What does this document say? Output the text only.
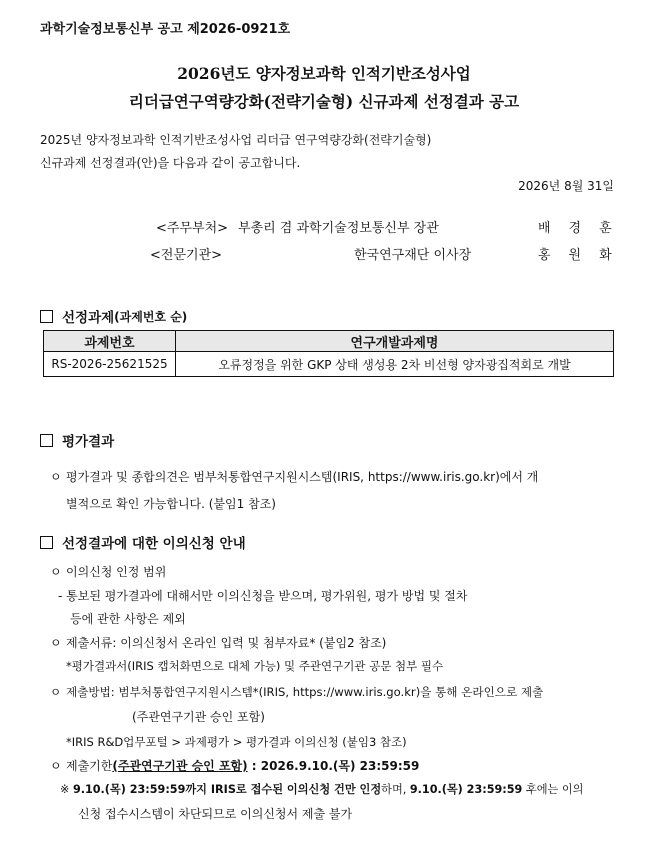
과학기술정보통신부 공고 제2026-0921호
2026년도 양자정보과학 인적기반조성사업
리더급연구역량강화(전략기술형) 신규과제 선정결과 공고
2025년 양자정보과학 인적기반조성사업 리더급 연구역량강화(전략기술형)
신규과제 선정결과(안)을 다음과 같이 공고합니다.
2026년 8월 31일
<주무부처> 부총리 겸 과학기술정보통신부 장관	배경훈
<전문기관>	한국연구재단 이사장	홍원화
선정과제 (과제번호 순)
과제번호	연구개발과제명
RS-2026-25621525	오류정정을 위한 GKP 상태 생성용 2차 비선형 양자광집적회로 개발
평가결과
ㅇ 평가결과 및 종합의견은 범부처통합연구지원시스템(IRIS, https://www.iris.go.kr)에서 개
별적으로 확인 가능합니다. (붙임1 참조)
선정결과에 대한 이의신청 안내
ㅇ 이의신청 인정 범위
- 통보된 평가결과에 대해서만 이의신청을 받으며, 평가위원, 평가 방법 및 절차
등에 관한 사항은 제외
ㅇ 제출서류: 이의신청서 온라인 입력 및 첨부자료* (붙임2 참조)
*평가결과서(IRIS 캡처화면으로 대체 가능) 및 주관연구기관 공문 첨부 필수
ㅇ 제출방법: 범부처통합연구지원시스템*(IRIS, https://www.iris.go.kr)을 통해 온라인으로 제출
(주관연구기관 승인 포함)
*IRIS R&D업무포털 > 과제평가 > 평가결과 이의신청 (붙임3 참조)
ㅇ 제출기한(주관연구기관 승인 포함) : 2026.9.10.(목) 23:59:59
※ 9.10.(목) 23:59:59까지 IRIS로 접수된 이의신청 건만 인정하며, 9.10.(목) 23:59:59 후에는 이의
신청 접수시스템이 차단되므로 이의신청서 제출 불가
